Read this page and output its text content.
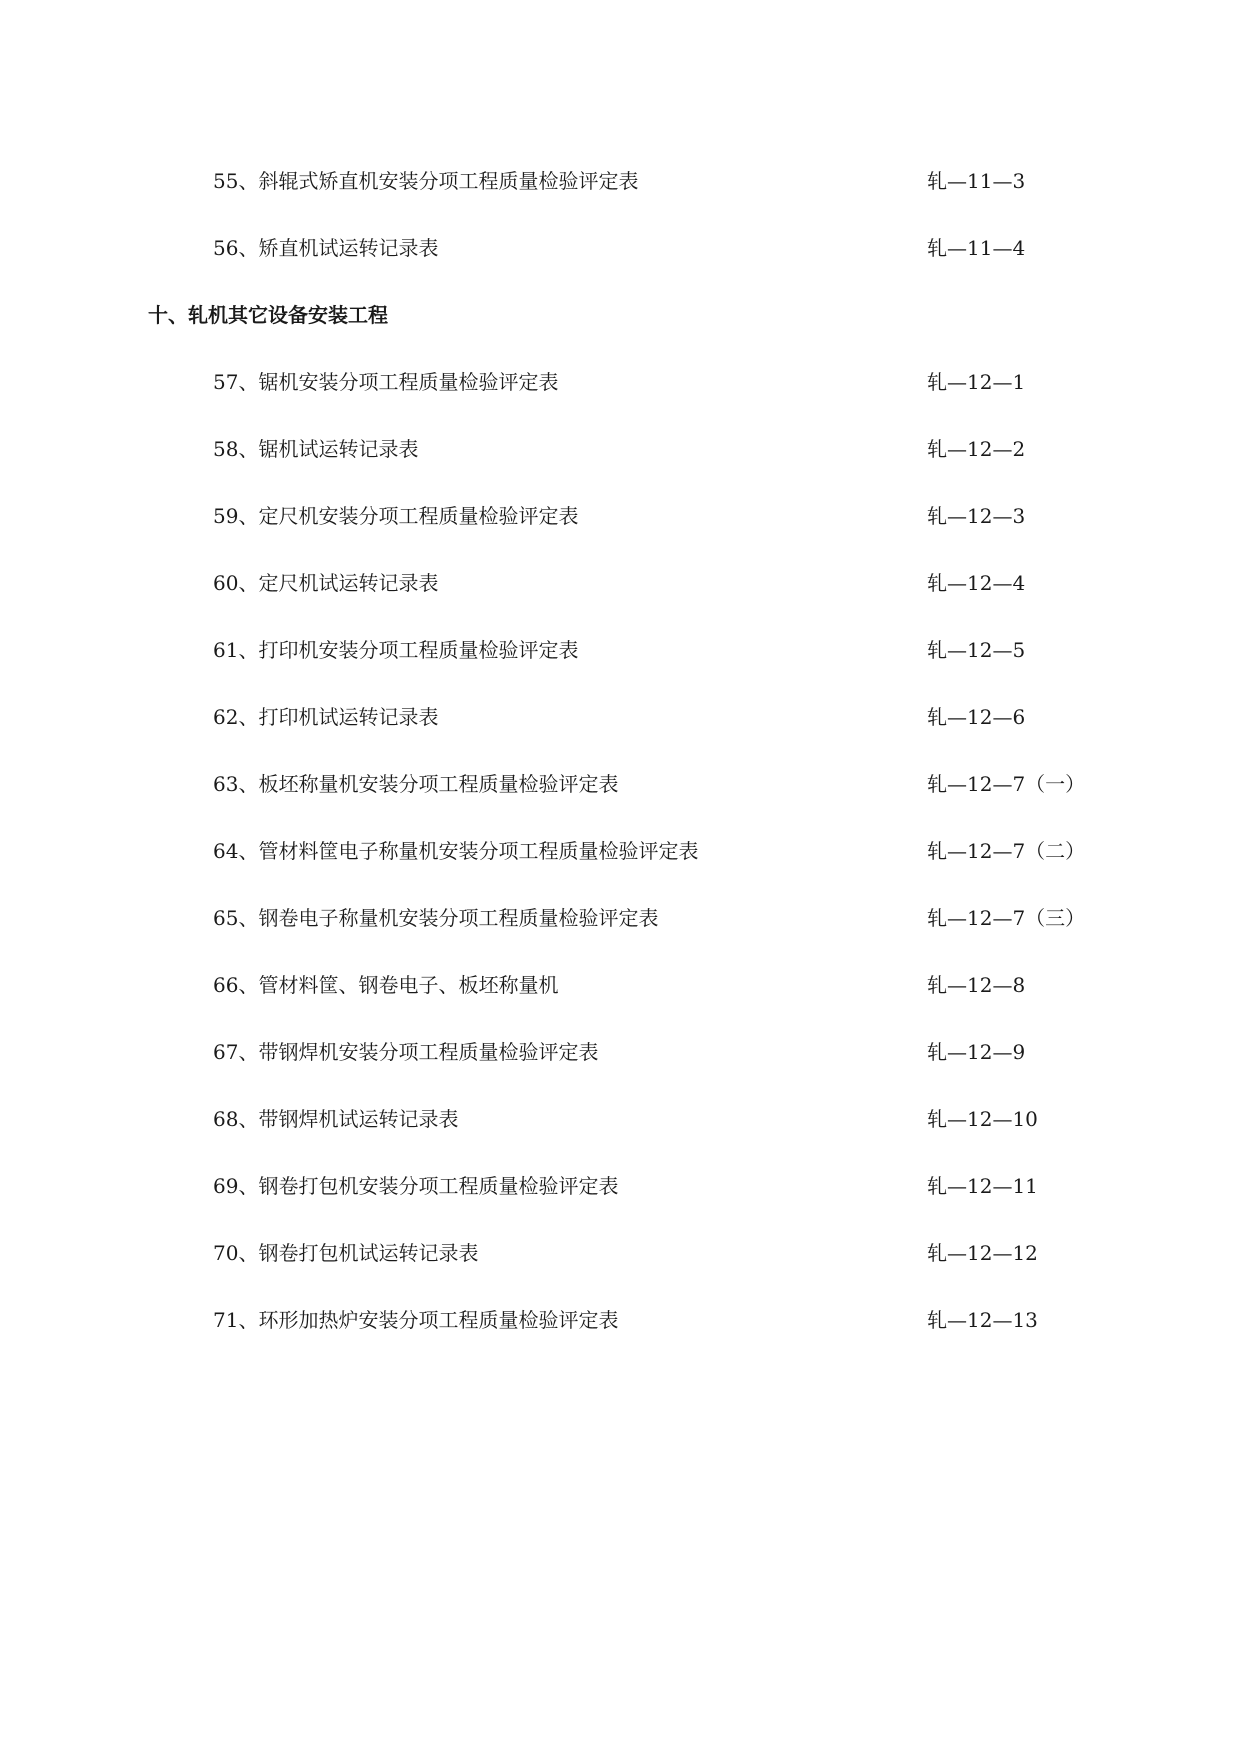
55、斜辊式矫直机安装分项工程质量检验评定表	轧—11—3
56、矫直机试运转记录表	轧—11—4
十、轧机其它设备安装工程
57、锯机安装分项工程质量检验评定表	轧—12—1
58、锯机试运转记录表	轧—12—2
59、定尺机安装分项工程质量检验评定表	轧—12—3
60、定尺机试运转记录表	轧—12—4
61、打印机安装分项工程质量检验评定表	轧—12—5
62、打印机试运转记录表	轧—12—6
63、板坯称量机安装分项工程质量检验评定表	轧—12—7（一）
64、管材料筐电子称量机安装分项工程质量检验评定表	轧—12—7（二）
65、钢卷电子称量机安装分项工程质量检验评定表	轧—12—7（三）
66、管材料筐、钢卷电子、板坯称量机	轧—12—8
67、带钢焊机安装分项工程质量检验评定表	轧—12—9
68、带钢焊机试运转记录表	轧—12—10
69、钢卷打包机安装分项工程质量检验评定表	轧—12—11
70、钢卷打包机试运转记录表	轧—12—12
71、环形加热炉安装分项工程质量检验评定表	轧—12—13
